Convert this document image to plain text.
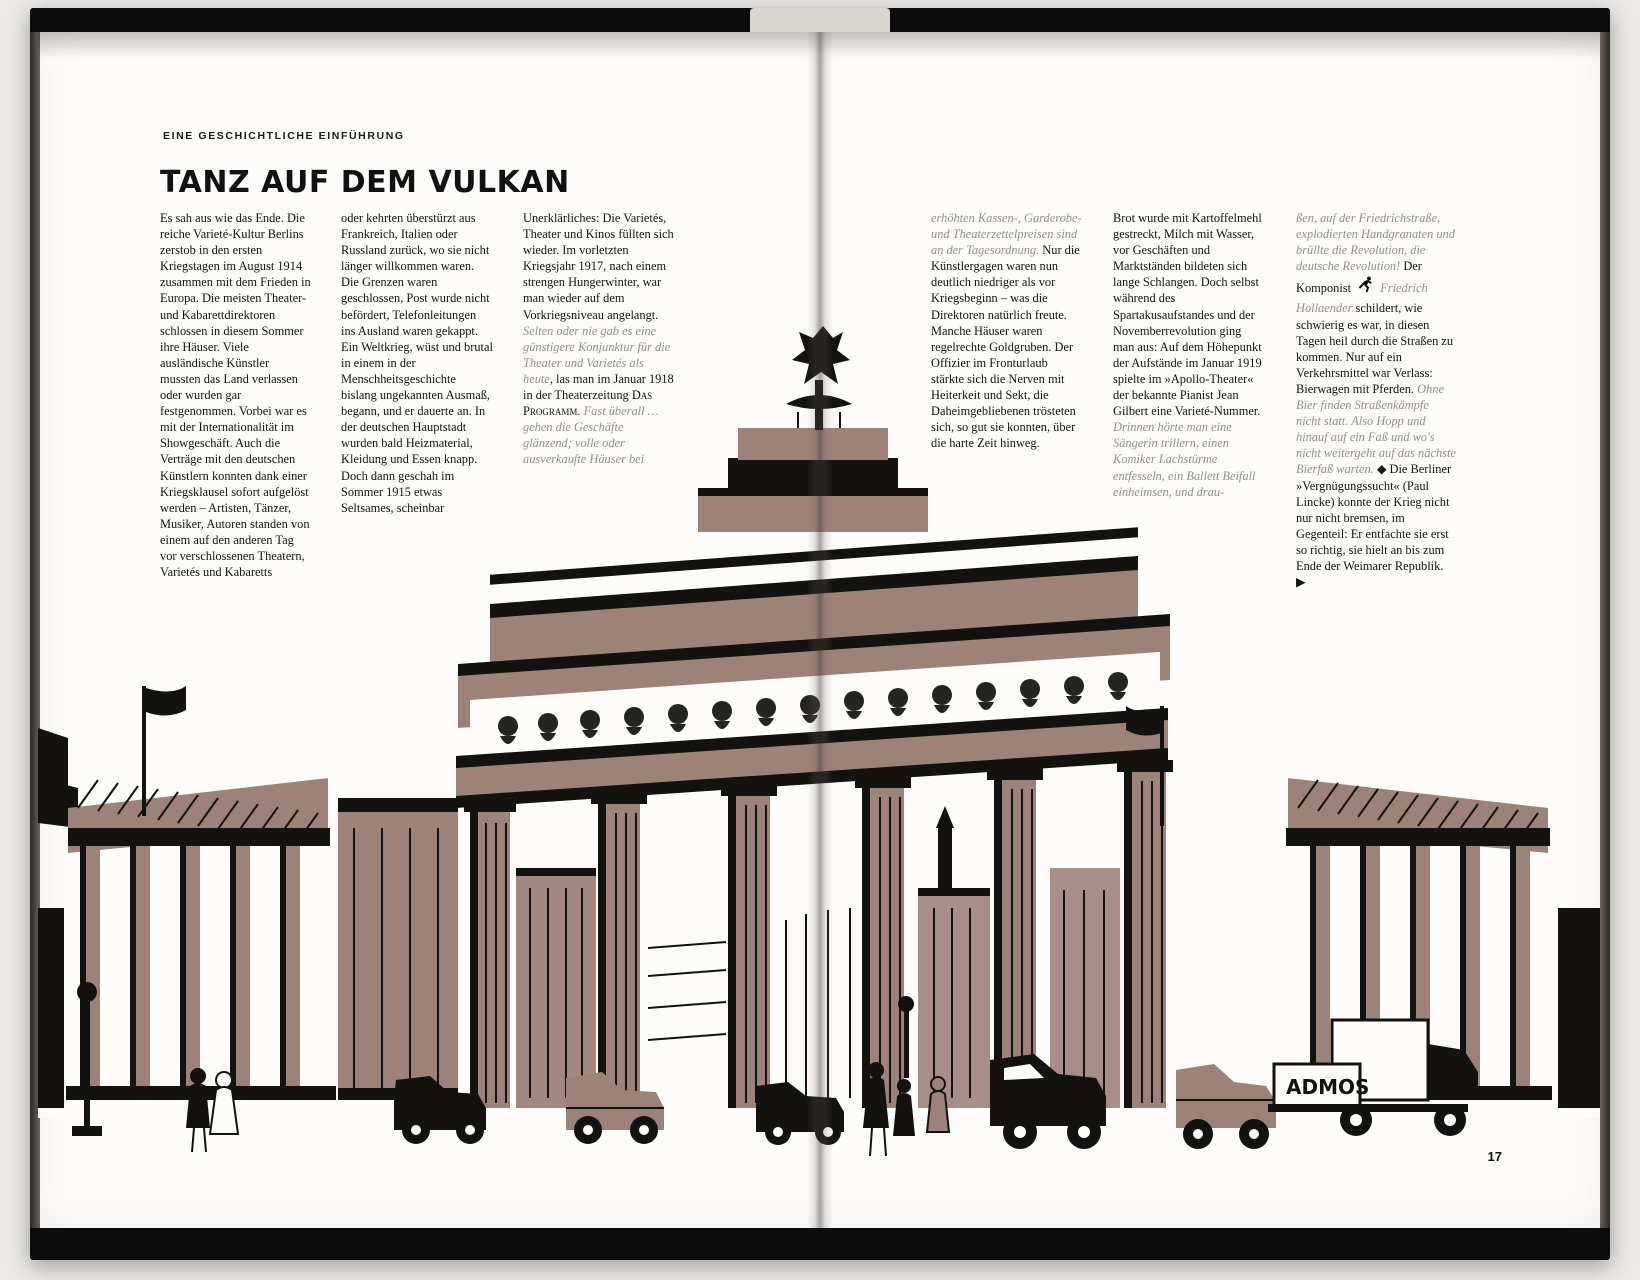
ADMOS
EINE GESCHICHTLICHE EINFÜHRUNG
TANZ AUF DEM VULKAN

Es sah aus wie das Ende. Die reiche Varieté-Kultur Berlins zerstob in den ersten Kriegstagen im August 1914 zusammen mit dem Frieden in Europa. Die meisten Theater- und Kabarettdirektoren schlossen in diesem Sommer ihre Häuser. Viele ausländische Künstler mussten das Land verlassen oder wurden gar festgenommen. Vorbei war es mit der Internationalität im Showgeschäft. Auch die Verträge mit den deutschen Künstlern konnten dank einer Kriegsklausel sofort aufgelöst werden – Artisten, Tänzer, Musiker, Autoren standen von einem auf den anderen Tag vor verschlossenen Theatern, Varietés und Kabaretts

oder kehrten überstürzt aus Frankreich, Italien oder Russland zurück, wo sie nicht länger willkommen waren. Die Grenzen waren geschlossen, Post wurde nicht befördert, Telefonleitungen ins Ausland waren gekappt. Ein Weltkrieg, wüst und brutal in einem in der Menschheitsgeschichte bislang ungekannten Ausmaß, begann, und er dauerte an. In der deutschen Hauptstadt wurden bald Heizmaterial, Kleidung und Essen knapp. Doch dann geschah im Sommer 1915 etwas Seltsames, scheinbar

Unerklärliches: Die Varietés, Theater und Kinos füllten sich wieder. Im vorletzten Kriegsjahr 1917, nach einem strengen Hungerwinter, war man wieder auf dem Vorkriegsniveau angelangt. Selten oder nie gab es eine günstigere Konjunktur für die Theater und Varietés als heute, las man im Januar 1918 in der Theaterzeitung Das Programm. Fast überall … gehen die Geschäfte glänzend; volle oder ausverkaufte Häuser bei

erhöhten Kassen-, Garderobe- und Theaterzettelpreisen sind an der Tagesordnung. Nur die Künstlergagen waren nun deutlich niedriger als vor Kriegsbeginn – was die Direktoren natürlich freute. Manche Häuser waren regelrechte Goldgruben. Der Offizier im Fronturlaub stärkte sich die Nerven mit Heiterkeit und Sekt, die Daheimgebliebenen trösteten sich, so gut sie konnten, über die harte Zeit hinweg.

Brot wurde mit Kartoffelmehl gestreckt, Milch mit Wasser, vor Geschäften und Marktständen bildeten sich lange Schlangen. Doch selbst während des Spartakusaufstandes und der Novemberrevolution ging man aus: Auf dem Höhepunkt der Aufstände im Januar 1919 spielte im »Apollo-Theater« der bekannte Pianist Jean Gilbert eine Varieté-Nummer. Drinnen hörte man eine Sängerin trillern, einen Komiker Lachstürme entfesseln, ein Ballett Beifall einheimsen, und drau-

ßen, auf der Friedrichstraße, explodierten Handgranaten und brüllte die Revolution, die deutsche Revolution! Der Komponist Friedrich Hollaender schildert, wie schwierig es war, in diesen Tagen heil durch die Straßen zu kommen. Nur auf ein Verkehrsmittel war Verlass: Bierwagen mit Pferden. Ohne Bier finden Straßenkämpfe nicht statt. Also Hopp und hinauf auf ein Faß und wo's nicht weitergeht auf das nächste Bierfaß warten. ◆ Die Berliner »Vergnügungssucht« (Paul Lincke) konnte der Krieg nicht nur nicht bremsen, im Gegenteil: Er entfachte sie erst so richtig, sie hielt an bis zum Ende der Weimarer Republik. ▶

17
